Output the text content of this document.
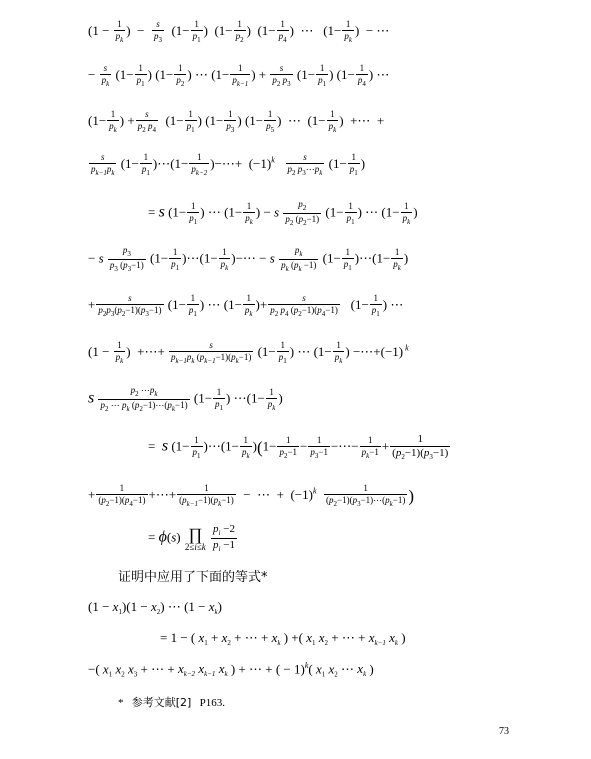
($1 - \frac{1}{p_k}$ )  − $\frac{s}{p_3} (1- \frac{1}{p_1}$ )  ($1- \frac{1}{p_2}$ )  ($1- \frac{1}{p_4}$ )  ⋯   ($1- \frac{1}{p_k}$ )  − ⋯
− $\frac{s}{p_k} (1- \frac{1}{p_1}$ ) ($1- \frac{1}{p_2}$ ) ⋯ ($1- \frac{1}{p_{k-1}}$ ) + $\frac{s}{p_2 p_3} (1- \frac{1}{p_1}$ ) ($1- \frac{1}{p_4}$ ) ⋯
($1- \frac{1}{p_k}$ ) + $\frac{s}{p_2 p_4} (1- \frac{1}{p_1}$ ) ($1- \frac{1}{p_3}$ ) ($1- \frac{1}{p_5}$ )  ⋯  ($1- \frac{1}{p_k}$ )  +⋯  +
$\frac{s}{p_{k-1}p_k} (1- \frac{1}{p_1}$ )⋯(1− $\frac{1}{p_{k-2}}$ )−⋯+  $(-1)^k \frac{s}{p_2 p_3\cdots p_k} (1- \frac{1}{p_1}$ )
= s ($1- \frac{1}{p_1}$ ) ⋯ ($1- \frac{1}{p_k}$ ) − s $\frac{p_2}{p_2 (p_2-1)} (1- \frac{1}{p_1}$ ) ⋯ ($1- \frac{1}{p_k}$ )
− s $\frac{p_3}{p_3 (p_3-1)} (1- \frac{1}{p_1}$ )⋯(1− $\frac{1}{p_k}$ )−⋯ − s $\frac{p_k}{p_k (p_k -1)} (1- \frac{1}{p_1}$ )⋯(1− $\frac{1}{p_k}$ )
+ $\frac{s}{p_2p_3(p_2-1)(p_3-1)} (1- \frac{1}{p_1}$ ) ⋯ ($1- \frac{1}{p_k}$ )+ $\frac{s}{p_2 p_4 (p_2-1)(p_4-1)} (1- \frac{1}{p_1}$ ) ⋯
($1 - \frac{1}{p_k}$ )  +⋯+ $\frac{s}{p_{k-1}p_k (p_{k-1}-1)(p_k-1)} (1- \frac{1}{p_1}$ ) ⋯ ($1- \frac{1}{p_k}$ ) −⋯+(−1) $^k$
s $\frac{p_2 \cdots p_k}{p_2 \cdots p_k (p_2-1)\cdots(p_k-1)} (1- \frac{1}{p_1}$ ) ⋯(1− $\frac{1}{p_k}$ )
=  s ($1- \frac{1}{p_1}$ )⋯(1− $\frac{1}{p_k} )(1- \frac{1}{p_2-1} - \frac{1}{p_3-1}$ −⋯− $\frac{1}{p_k-1} + \frac{1}{(p_2-1)(p_3-1)}$
+ $\frac{1}{(p_2-1)(p_4-1)}$ +⋯+ $\frac{1}{(p_{k-1}-1)(p_k-1)}$ −  ⋯  +  $(-1)^k \frac{1}{(p_2-1)(p_3-1)\cdots(p_k-1)}$ )
= ϕ(s) ∏
2≤i≤k
$\frac{p_i -2}{p_i -1}$
证明中应用了下面的等式*
$(1 - x_1)(1 - x_2)$ ⋯ $(1 - x_k)$
= 1 − ( $x_1 + x_2$ + ⋯ + $x_k$ ) +( $x_1$ $x_2$ + ⋯ + $x_{k-1}$ $x_k$ )
−( $x_1$ $x_2$ $x_3$ + ⋯ + $x_{k-2}$ $x_{k-1}$ $x_k$ ) + ⋯ + ( − 1)$^k$( $x_1$ $x_2$ ⋯ $x_k$ )
* 参考文献[2] P163.
73
